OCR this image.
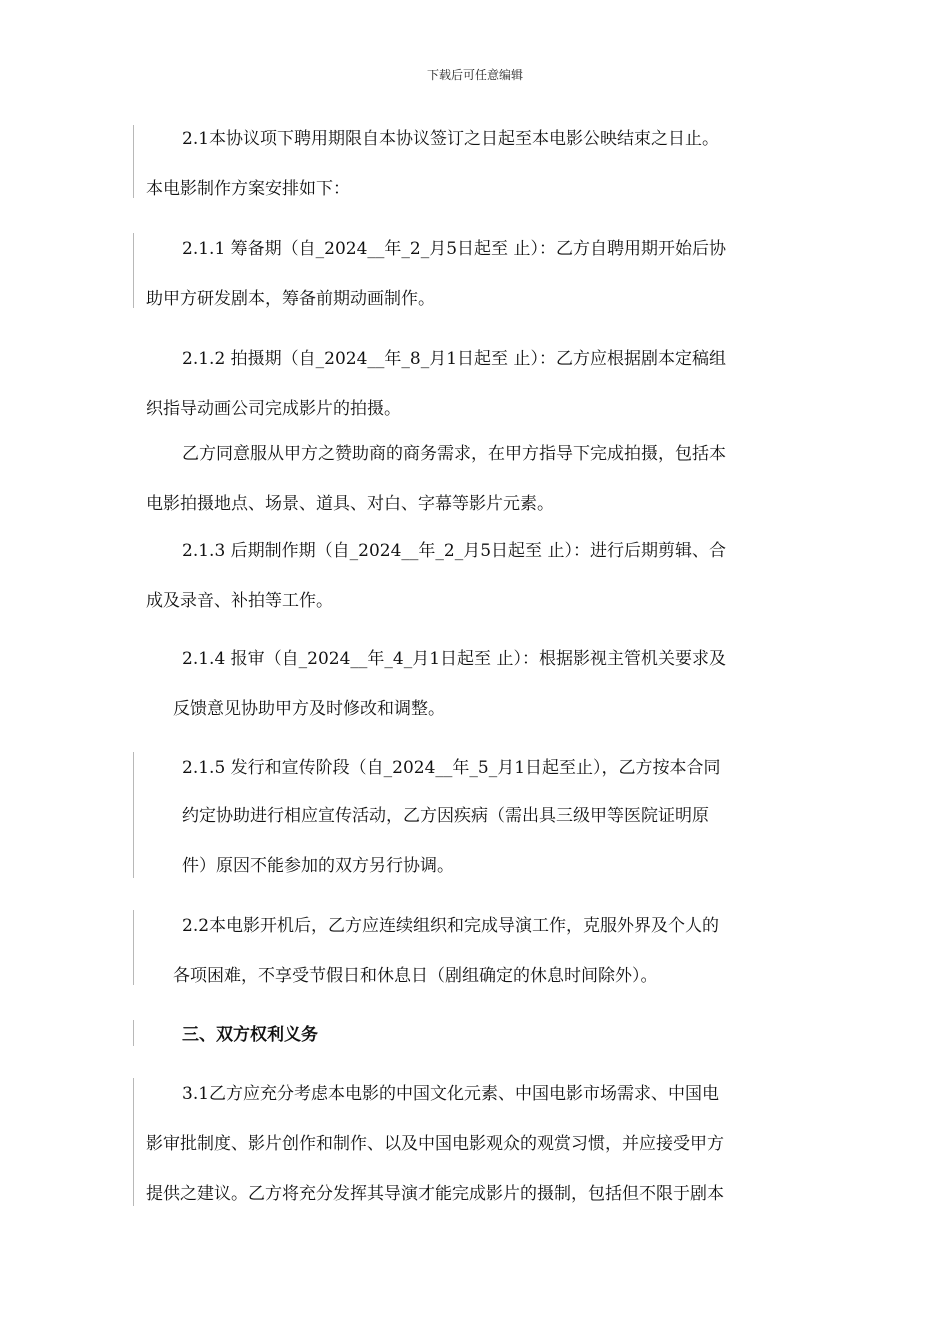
下载后可任意编辑
2.1本协议项下聘用期限自本协议签订之日起至本电影公映结束之日止。
本电影制作方案安排如下：
2.1.1 筹备期（自_2024__年_2_月5日起至 止）：乙方自聘用期开始后协
助甲方研发剧本，筹备前期动画制作。
2.1.2 拍摄期（自_2024__年_8_月1日起至 止）：乙方应根据剧本定稿组
织指导动画公司完成影片的拍摄。
乙方同意服从甲方之赞助商的商务需求，在甲方指导下完成拍摄，包括本
电影拍摄地点、场景、道具、对白、字幕等影片元素。
2.1.3 后期制作期（自_2024__年_2_月5日起至 止）：进行后期剪辑、合
成及录音、补拍等工作。
2.1.4 报审（自_2024__年_4_月1日起至 止）：根据影视主管机关要求及
反馈意见协助甲方及时修改和调整。
2.1.5 发行和宣传阶段（自_2024__年_5_月1日起至止），乙方按本合同
约定协助进行相应宣传活动，乙方因疾病（需出具三级甲等医院证明原
件）原因不能参加的双方另行协调。
2.2本电影开机后，乙方应连续组织和完成导演工作，克服外界及个人的
各项困难，不享受节假日和休息日（剧组确定的休息时间除外）。
三、双方权利义务
3.1乙方应充分考虑本电影的中国文化元素、中国电影市场需求、中国电
影审批制度、影片创作和制作、以及中国电影观众的观赏习惯，并应接受甲方
提供之建议。乙方将充分发挥其导演才能完成影片的摄制，包括但不限于剧本
